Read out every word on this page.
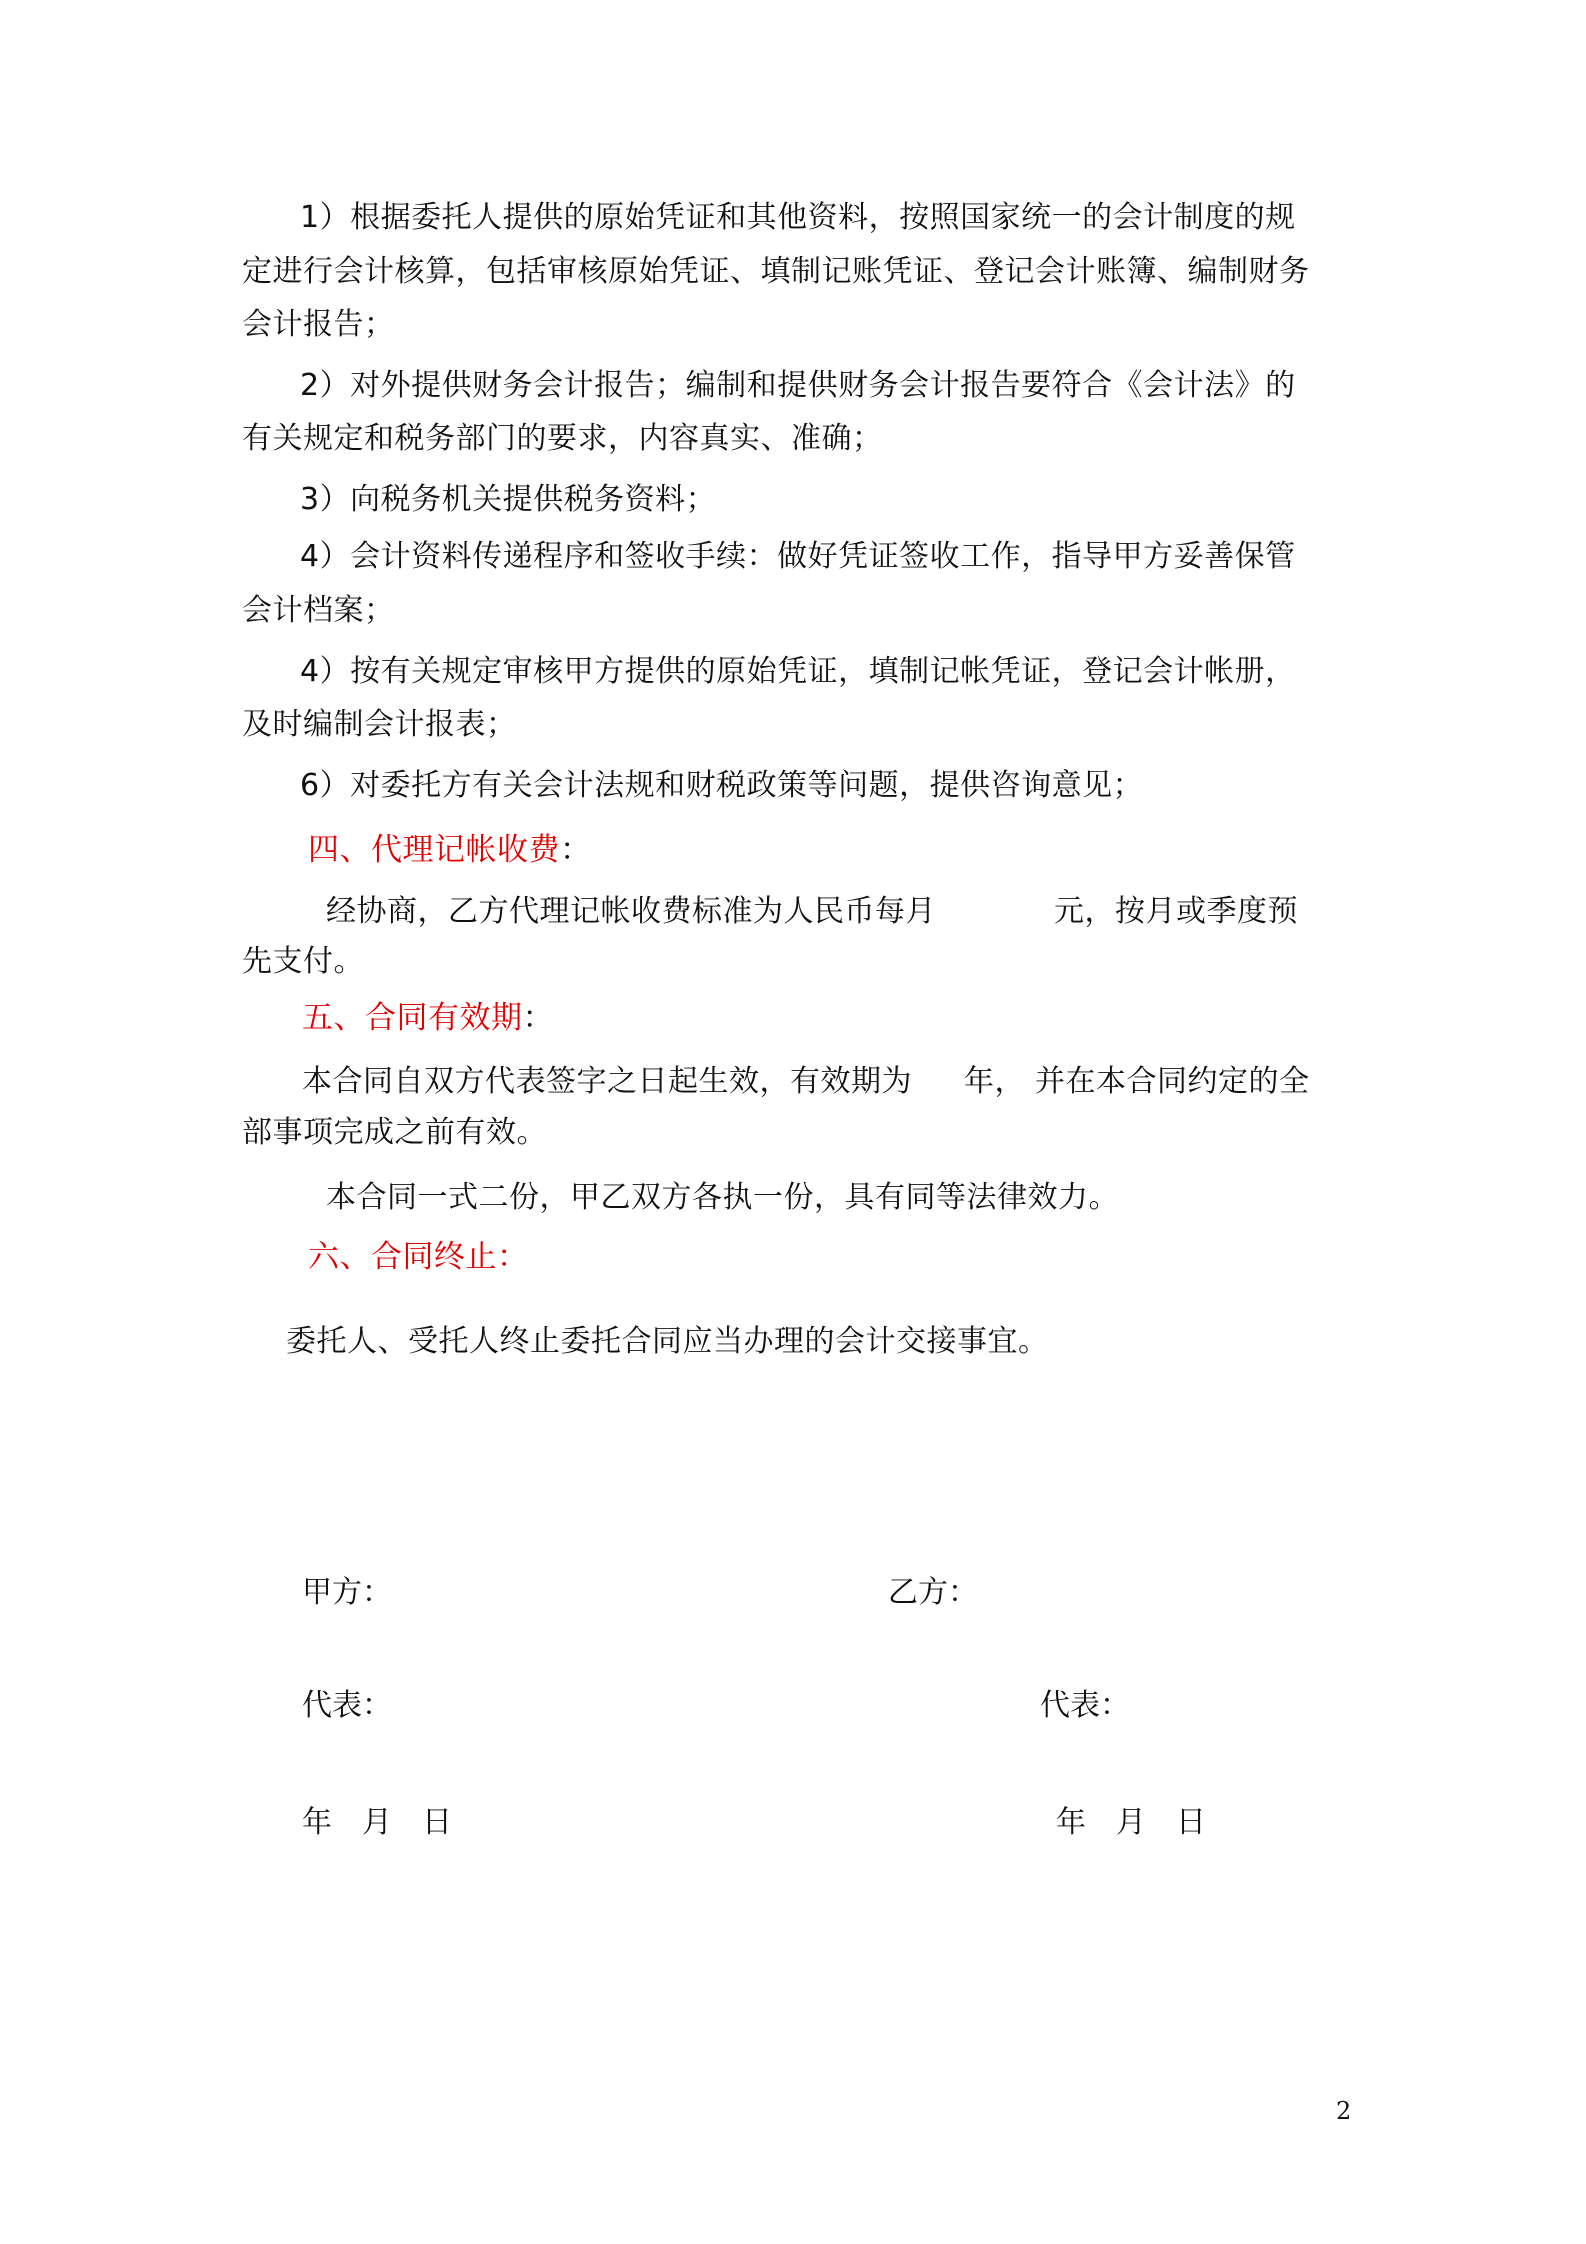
1）根据委托人提供的原始凭证和其他资料，按照国家统一的会计制度的规
定进行会计核算，包括审核原始凭证、填制记账凭证、登记会计账簿、编制财务
会计报告；
2）对外提供财务会计报告；编制和提供财务会计报告要符合《会计法》的
有关规定和税务部门的要求，内容真实、准确；
3）向税务机关提供税务资料；
4）会计资料传递程序和签收手续：做好凭证签收工作，指导甲方妥善保管
会计档案；
4）按有关规定审核甲方提供的原始凭证，填制记帐凭证，登记会计帐册，
及时编制会计报表；
6）对委托方有关会计法规和财税政策等问题，提供咨询意见；
四、代理记帐收费：
经协商，乙方代理记帐收费标准为人民币每月	元，按月或季度预
先支付。
五、合同有效期：
本合同自双方代表签字之日起生效，有效期为 年， 并在本合同约定的全
部事项完成之前有效。
本合同一式二份，甲乙双方各执一份，具有同等法律效力。
六、合同终止：
委托人、受托人终止委托合同应当办理的会计交接事宜。
甲方：	乙方：
代表：	代表：
年 月 日	年 月 日
2
